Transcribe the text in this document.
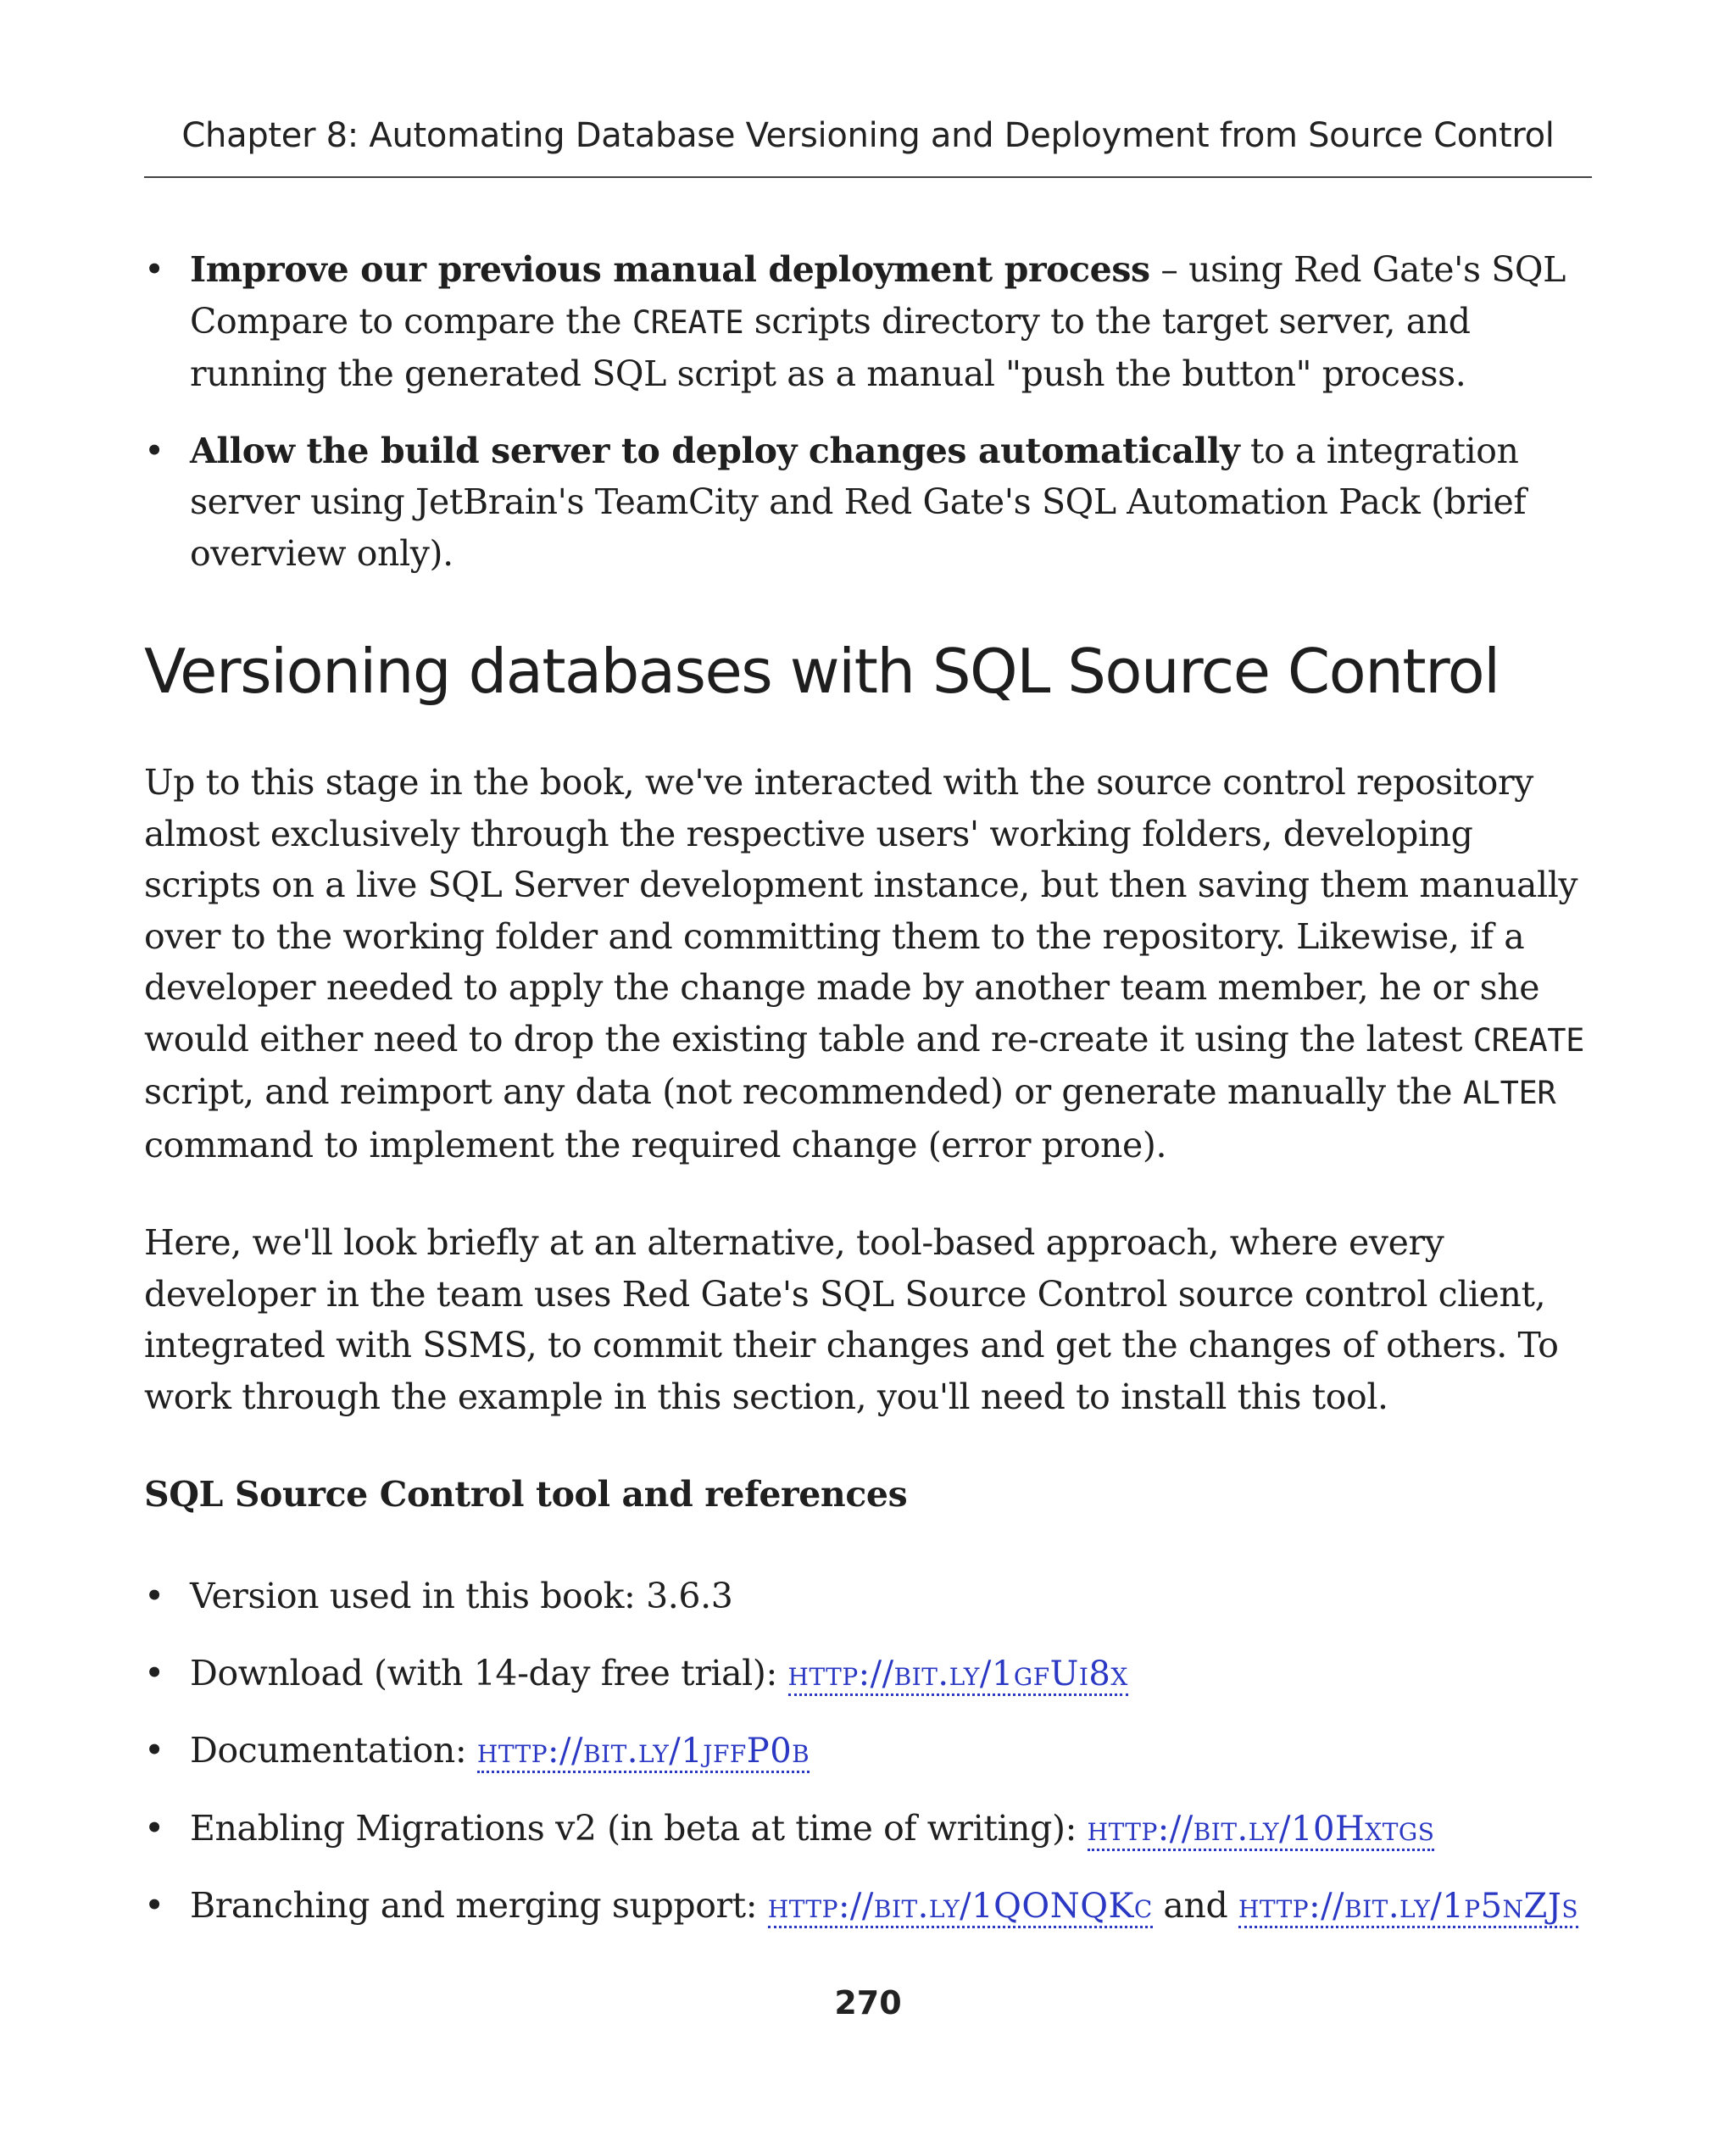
Chapter 8: Automating Database Versioning and Deployment from Source Control
• Improve our previous manual deployment process – using Red Gate's SQL Compare to compare the CREATE scripts directory to the target server, and running the generated SQL script as a manual "push the button" process.
• Allow the build server to deploy changes automatically to a integration server using JetBrain's TeamCity and Red Gate's SQL Automation Pack (brief overview only).
Versioning databases with SQL Source Control

Up to this stage in the book, we've interacted with the source control repository almost exclusively through the respective users' working folders, developing scripts on a live SQL Server development instance, but then saving them manually over to the working folder and committing them to the repository. Likewise, if a developer needed to apply the change made by another team member, he or she would either need to drop the existing table and re-create it using the latest CREATE script, and reimport any data (not recommended) or generate manually the ALTER command to implement the required change (error prone).

Here, we'll look briefly at an alternative, tool-based approach, where every developer in the team uses Red Gate's SQL Source Control source control client, integrated with SSMS, to commit their changes and get the changes of others. To work through the example in this section, you'll need to install this tool.

SQL Source Control tool and references
• Version used in this book: 3.6.3
• Download (with 14-day free trial): http://bit.ly/1gfUi8x
• Documentation: http://bit.ly/1jffP0b
• Enabling Migrations v2 (in beta at time of writing): http://bit.ly/10Hxtgs
• Branching and merging support: http://bit.ly/1QONQKc and http://bit.ly/1p5nZJs
270
